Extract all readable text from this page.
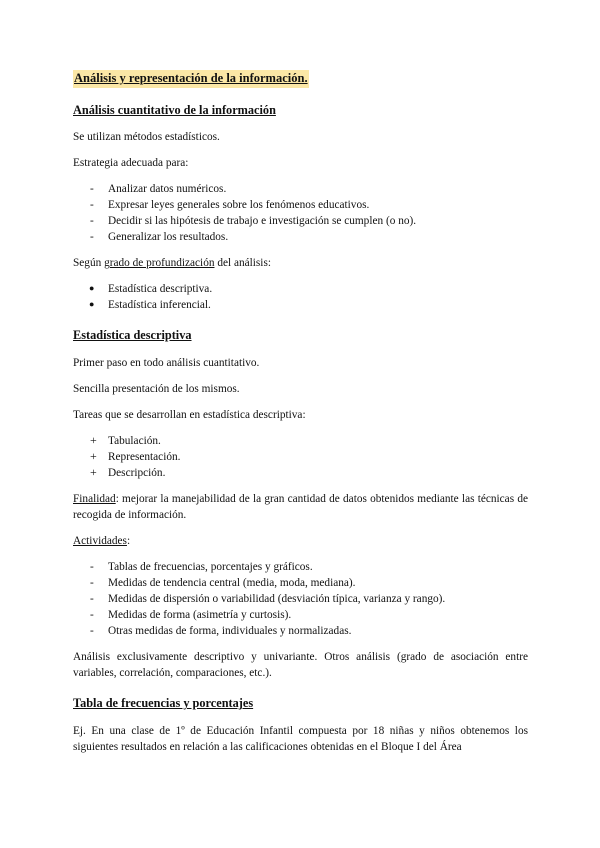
Análisis y representación de la información.
Análisis cuantitativo de la información

Se utilizan métodos estadísticos.

Estrategia adecuada para:

-	Analizar datos numéricos.
-	Expresar leyes generales sobre los fenómenos educativos.
-	Decidir si las hipótesis de trabajo e investigación se cumplen (o no).
-	Generalizar los resultados.

Según grado de profundización del análisis:

●	Estadística descriptiva.
●	Estadística inferencial.
Estadística descriptiva

Primer paso en todo análisis cuantitativo.

Sencilla presentación de los mismos.

Tareas que se desarrollan en estadística descriptiva:

+ Tabulación.
+ Representación.
+ Descripción.

Finalidad: mejorar la manejabilidad de la gran cantidad de datos obtenidos mediante las técnicas de recogida de información.

Actividades:

-	Tablas de frecuencias, porcentajes y gráficos.
-	Medidas de tendencia central (media, moda, mediana).
-	Medidas de dispersión o variabilidad (desviación típica, varianza y rango).
-	Medidas de forma (asimetría y curtosis).
-	Otras medidas de forma, individuales y normalizadas.

Análisis exclusivamente descriptivo y univariante. Otros análisis (grado de asociación entre variables, correlación, comparaciones, etc.).

Tabla de frecuencias y porcentajes

Ej. En una clase de 1º de Educación Infantil compuesta por 18 niñas y niños obtenemos los siguientes resultados en relación a las calificaciones obtenidas en el Bloque I del Área
